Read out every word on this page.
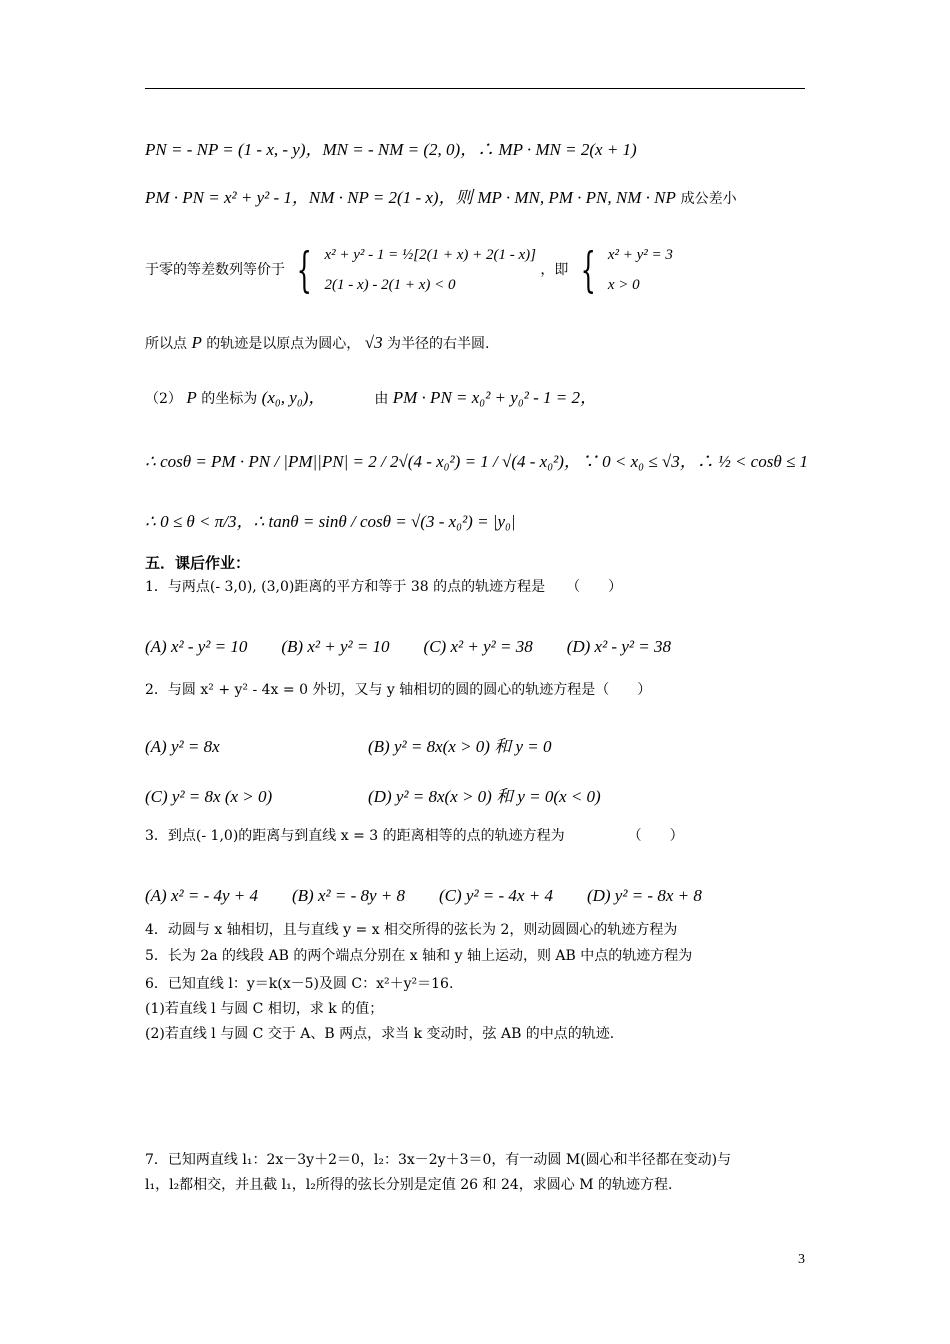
PN = - NP = (1 - x, - y)，MN = - NM = (2, 0)，∴ MP · MN = 2(x + 1)
PM · PN = x² + y² - 1，NM · NP = 2(1 - x)，则 MP · MN, PM · PN, NM · NP 成公差小
于零的等差数列等价于 { x² + y² - 1 = ½[2(1 + x) + 2(1 - x)]
2(1 - x) - 2(1 + x) < 0
，即 { x² + y² = 3
x > 0
所以点 P 的轨迹是以原点为圆心， √3 为半径的右半圆.
（2） P 的坐标为 (x₀, y₀)，	由 PM · PN = x₀² + y₀² - 1 = 2，
∴ cosθ = PM · PN / |PM||PN| = 2 / 2√(4 - x₀²) = 1 / √(4 - x₀²)，∵ 0 < x₀ ≤ √3，∴ ½ < cosθ ≤ 1
∴ 0 ≤ θ < π/3，∴ tanθ = sinθ / cosθ = √(3 - x₀²) = |y₀|
五．课后作业：
1．与两点(- 3,0), (3,0)距离的平方和等于 38 的点的轨迹方程是　　（　　）
(A) x² - y² = 10　　(B) x² + y² = 10　　(C) x² + y² = 38　　(D) x² - y² = 38
2．与圆 x² + y² - 4x = 0 外切，又与 y 轴相切的圆的圆心的轨迹方程是（　　）
(A) y² = 8x	(B) y² = 8x(x > 0) 和 y = 0
(C) y² = 8x (x > 0)	(D) y² = 8x(x > 0) 和 y = 0(x < 0)
3．到点(- 1,0)的距离与到直线 x = 3 的距离相等的点的轨迹方程为　　　　　（　　）
(A) x² = - 4y + 4　　(B) x² = - 8y + 8　　(C) y² = - 4x + 4　　(D) y² = - 8x + 8
4．动圆与 x 轴相切，且与直线 y = x 相交所得的弦长为 2，则动圆圆心的轨迹方程为
5．长为 2a 的线段 AB 的两个端点分别在 x 轴和 y 轴上运动，则 AB 中点的轨迹方程为
6．已知直线 l：y＝k(x－5)及圆 C：x²＋y²＝16.
(1)若直线 l 与圆 C 相切，求 k 的值；
(2)若直线 l 与圆 C 交于 A、B 两点，求当 k 变动时，弦 AB 的中点的轨迹.
7．已知两直线 l₁：2x－3y＋2＝0，l₂：3x－2y＋3＝0，有一动圆 M(圆心和半径都在变动)与
l₁，l₂都相交，并且截 l₁，l₂所得的弦长分别是定值 26 和 24，求圆心 M 的轨迹方程.
3
